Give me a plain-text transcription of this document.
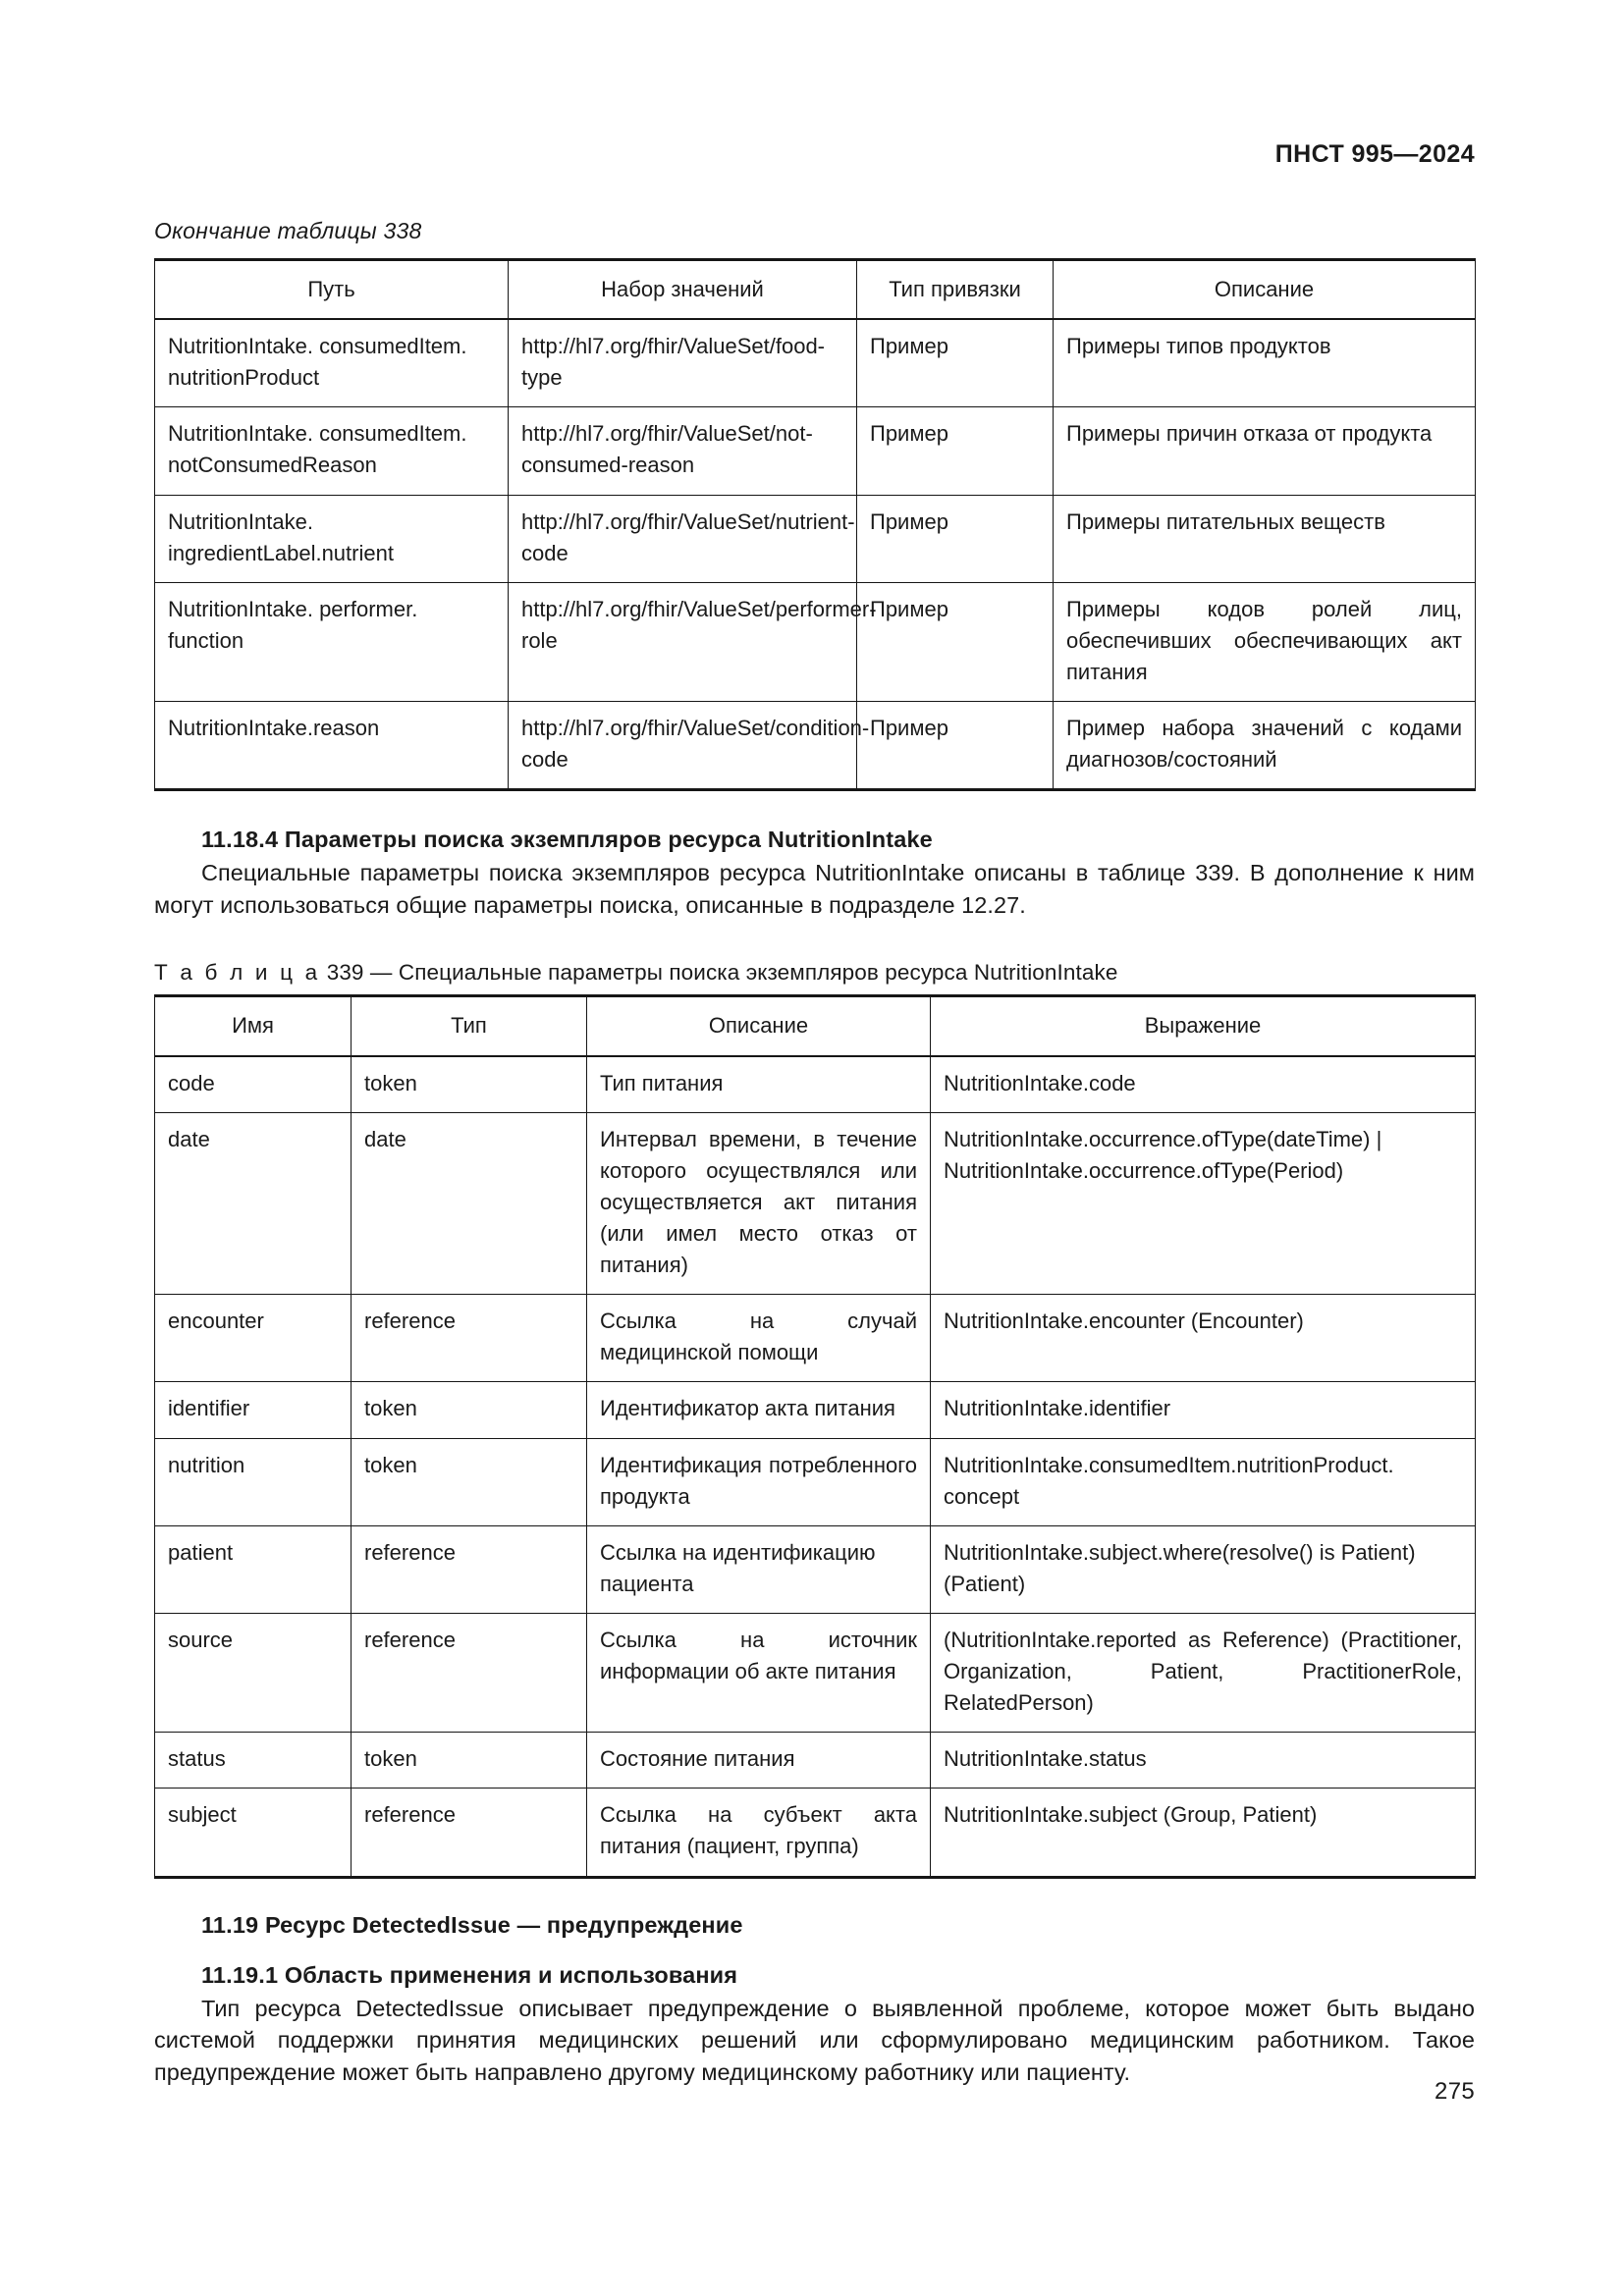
ПНСТ 995—2024
Окончание таблицы 338
Путь	Набор значений	Тип привязки	Описание
NutritionIntake. consumedItem. nutritionProduct	http://hl7.org/fhir/ValueSet/food-type	Пример	Примеры типов продуктов
NutritionIntake. consumedItem. notConsumedReason	http://hl7.org/fhir/ValueSet/not-consumed-reason	Пример	Примеры причин отказа от продукта
NutritionIntake. ingredientLabel.nutrient	http://hl7.org/fhir/ValueSet/nutrient-code	Пример	Примеры питательных веществ
NutritionIntake. performer. function	http://hl7.org/fhir/ValueSet/performer-role	Пример	Примеры кодов ролей лиц, обеспечивших обеспечивающих акт питания
NutritionIntake.reason	http://hl7.org/fhir/ValueSet/condition-code	Пример	Пример набора значений с кодами диагнозов/состояний
11.18.4 Параметры поиска экземпляров ресурса NutritionIntake

Специальные параметры поиска экземпляров ресурса NutritionIntake описаны в таблице 339. В дополнение к ним могут использоваться общие параметры поиска, описанные в подразделе 12.27.

Т а б л и ц а 339 — Специальные параметры поиска экземпляров ресурса NutritionIntake
Имя	Тип	Описание	Выражение
code	token	Тип питания	NutritionIntake.code
date	date	Интервал времени, в течение которого осуществлялся или осуществляется акт питания (или имел место отказ от питания)	NutritionIntake.occurrence.ofType(dateTime) | NutritionIntake.occurrence.ofType(Period)
encounter	reference	Ссылка на случай медицинской помощи	NutritionIntake.encounter (Encounter)
identifier	token	Идентификатор акта питания	NutritionIntake.identifier
nutrition	token	Идентификация потребленного продукта	NutritionIntake.consumedItem.nutritionProduct. concept
patient	reference	Ссылка на идентификацию пациента	NutritionIntake.subject.where(resolve() is Patient) (Patient)
source	reference	Ссылка на источник информации об акте питания	(NutritionIntake.reported as Reference) (Practitioner, Organization, Patient, PractitionerRole, RelatedPerson)
status	token	Состояние питания	NutritionIntake.status
subject	reference	Ссылка на субъект акта питания (пациент, группа)	NutritionIntake.subject (Group, Patient)
11.19 Ресурс DetectedIssue — предупреждение
11.19.1 Область применения и использования

Тип ресурса DetectedIssue описывает предупреждение о выявленной проблеме, которое может быть выдано системой поддержки принятия медицинских решений или сформулировано медицинским работником. Такое предупреждение может быть направлено другому медицинскому работнику или пациенту.

275
